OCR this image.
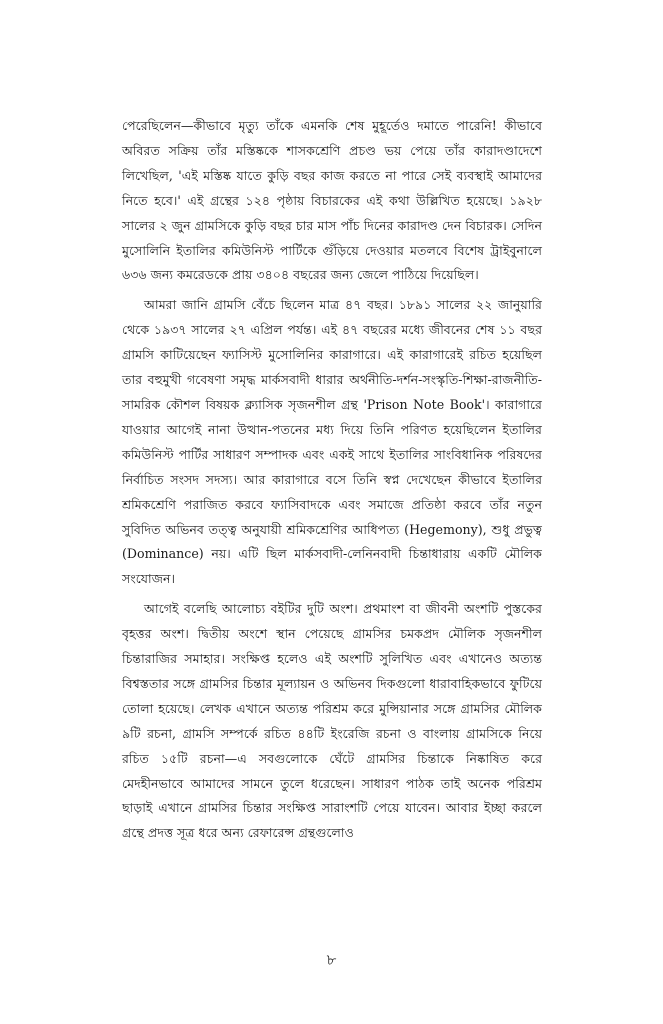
পেরেছিলেন—কীভাবে মৃত্যু তাঁকে এমনকি শেষ মুহূর্তেও দমাতে পারেনি! কীভাবে অবিরত সক্রিয় তাঁর মস্তিষ্ককে শাসকশ্রেণি প্রচণ্ড ভয় পেয়ে তাঁর কারাদণ্ডাদেশে লিখেছিল, 'এই মস্তিষ্ক যাতে কুড়ি বছর কাজ করতে না পারে সেই ব্যবস্থাই আমাদের নিতে হবে।' এই গ্রন্থের ১২৪ পৃষ্ঠায় বিচারকের এই কথা উল্লিখিত হয়েছে। ১৯২৮ সালের ২ জুন গ্রামসিকে কুড়ি বছর চার মাস পাঁচ দিনের কারাদণ্ড দেন বিচারক। সেদিন মুসোলিনি ইতালির কমিউনিস্ট পার্টিকে গুঁড়িয়ে দেওয়ার মতলবে বিশেষ ট্রাইবুনালে ৬৩৬ জন্য কমরেডকে প্রায় ৩৪০৪ বছরের জন্য জেলে পাঠিয়ে দিয়েছিল।

আমরা জানি গ্রামসি বেঁচে ছিলেন মাত্র ৪৭ বছর। ১৮৯১ সালের ২২ জানুয়ারি থেকে ১৯৩৭ সালের ২৭ এপ্রিল পর্যন্ত। এই ৪৭ বছরের মধ্যে জীবনের শেষ ১১ বছর গ্রামসি কাটিয়েছেন ফ্যাসিস্ট মুসোলিনির কারাগারে। এই কারাগারেই রচিত হয়েছিল তার বহুমুখী গবেষণা সমৃদ্ধ মার্কসবাদী ধারার অর্থনীতি-দর্শন-সংস্কৃতি-শিক্ষা-রাজনীতি-সামরিক কৌশল বিষয়ক ক্ল্যাসিক সৃজনশীল গ্রন্থ 'Prison Note Book'। কারাগারে যাওয়ার আগেই নানা উত্থান-পতনের মধ্য দিয়ে তিনি পরিণত হয়েছিলেন ইতালির কমিউনিস্ট পার্টির সাধারণ সম্পাদক এবং একই সাথে ইতালির সাংবিধানিক পরিষদের নির্বাচিত সংসদ সদস্য। আর কারাগারে বসে তিনি স্বপ্ন দেখেছেন কীভাবে ইতালির শ্রমিকশ্রেণি পরাজিত করবে ফ্যাসিবাদকে এবং সমাজে প্রতিষ্ঠা করবে তাঁর নতুন সুবিদিত অভিনব তত্ত্ব অনুযায়ী শ্রমিকশ্রেণির আধিপত্য (Hegemony), শুধু প্রভুত্ব (Dominance) নয়। এটি ছিল মার্কসবাদী-লেনিনবাদী চিন্তাধারায় একটি মৌলিক সংযোজন।

আগেই বলেছি আলোচ্য বইটির দুটি অংশ। প্রথমাংশ বা জীবনী অংশটি পুস্তকের বৃহত্তর অংশ। দ্বিতীয় অংশে স্থান পেয়েছে গ্রামসির চমকপ্রদ মৌলিক সৃজনশীল চিন্তারাজির সমাহার। সংক্ষিপ্ত হলেও এই অংশটি সুলিখিত এবং এখানেও অত্যন্ত বিশ্বস্ততার সঙ্গে গ্রামসির চিন্তার মূল্যায়ন ও অভিনব দিকগুলো ধারাবাহিকভাবে ফুটিয়ে তোলা হয়েছে। লেখক এখানে অত্যন্ত পরিশ্রম করে মুন্সিয়ানার সঙ্গে গ্রামসির মৌলিক ৯টি রচনা, গ্রামসি সম্পর্কে রচিত ৪৪টি ইংরেজি রচনা ও বাংলায় গ্রামসিকে নিয়ে রচিত ১৫টি রচনা—এ সবগুলোকে ঘেঁটে গ্রামসির চিন্তাকে নিষ্কাষিত করে মেদহীনভাবে আমাদের সামনে তুলে ধরেছেন। সাধারণ পাঠক তাই অনেক পরিশ্রম ছাড়াই এখানে গ্রামসির চিন্তার সংক্ষিপ্ত সারাংশটি পেয়ে যাবেন। আবার ইচ্ছা করলে গ্রন্থে প্রদত্ত সূত্র ধরে অন্য রেফারেন্স গ্রন্থগুলোও

৮
